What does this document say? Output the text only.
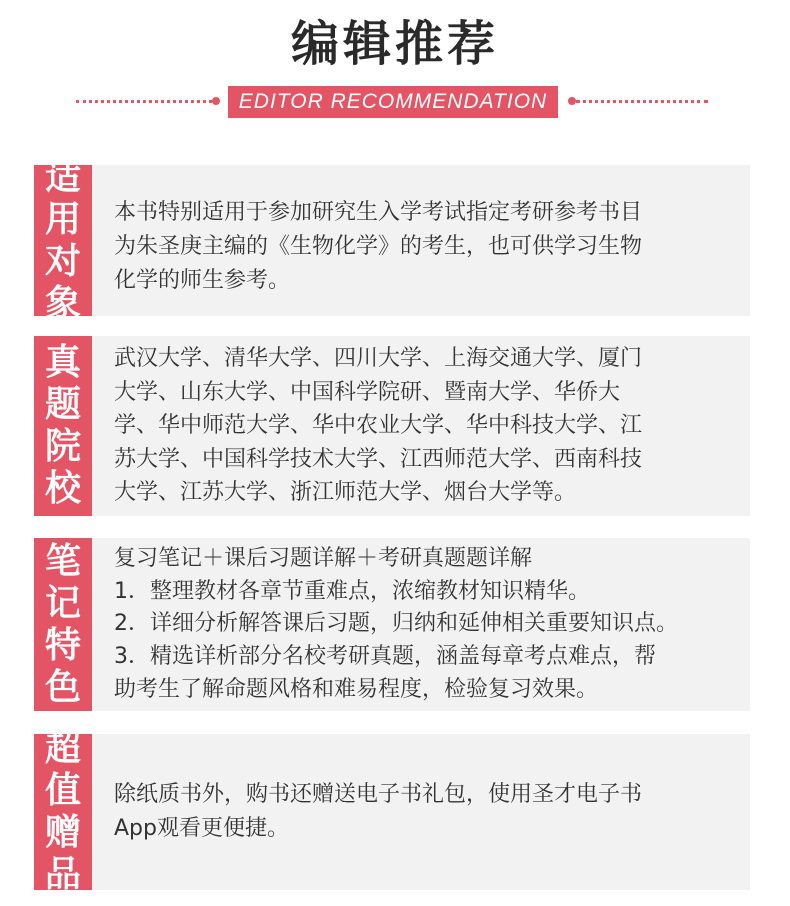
编辑推荐
EDITOR RECOMMENDATION
适
用
对
象
本书特别适用于参加研究生入学考试指定考研参考书目
为朱圣庚主编的《生物化学》的考生，也可供学习生物
化学的师生参考。
真
题
院
校
武汉大学、清华大学、四川大学、上海交通大学、厦门
大学、山东大学、中国科学院研、暨南大学、华侨大
学、华中师范大学、华中农业大学、华中科技大学、江
苏大学、中国科学技术大学、江西师范大学、西南科技
大学、江苏大学、浙江师范大学、烟台大学等。
笔
记
特
色
复习笔记＋课后习题详解＋考研真题题详解
1．整理教材各章节重难点，浓缩教材知识精华。
2．详细分析解答课后习题，归纳和延伸相关重要知识点。
3．精选详析部分名校考研真题，涵盖每章考点难点，帮
助考生了解命题风格和难易程度，检验复习效果。
超
值
赠
品
除纸质书外，购书还赠送电子书礼包，使用圣才电子书
App观看更便捷。
